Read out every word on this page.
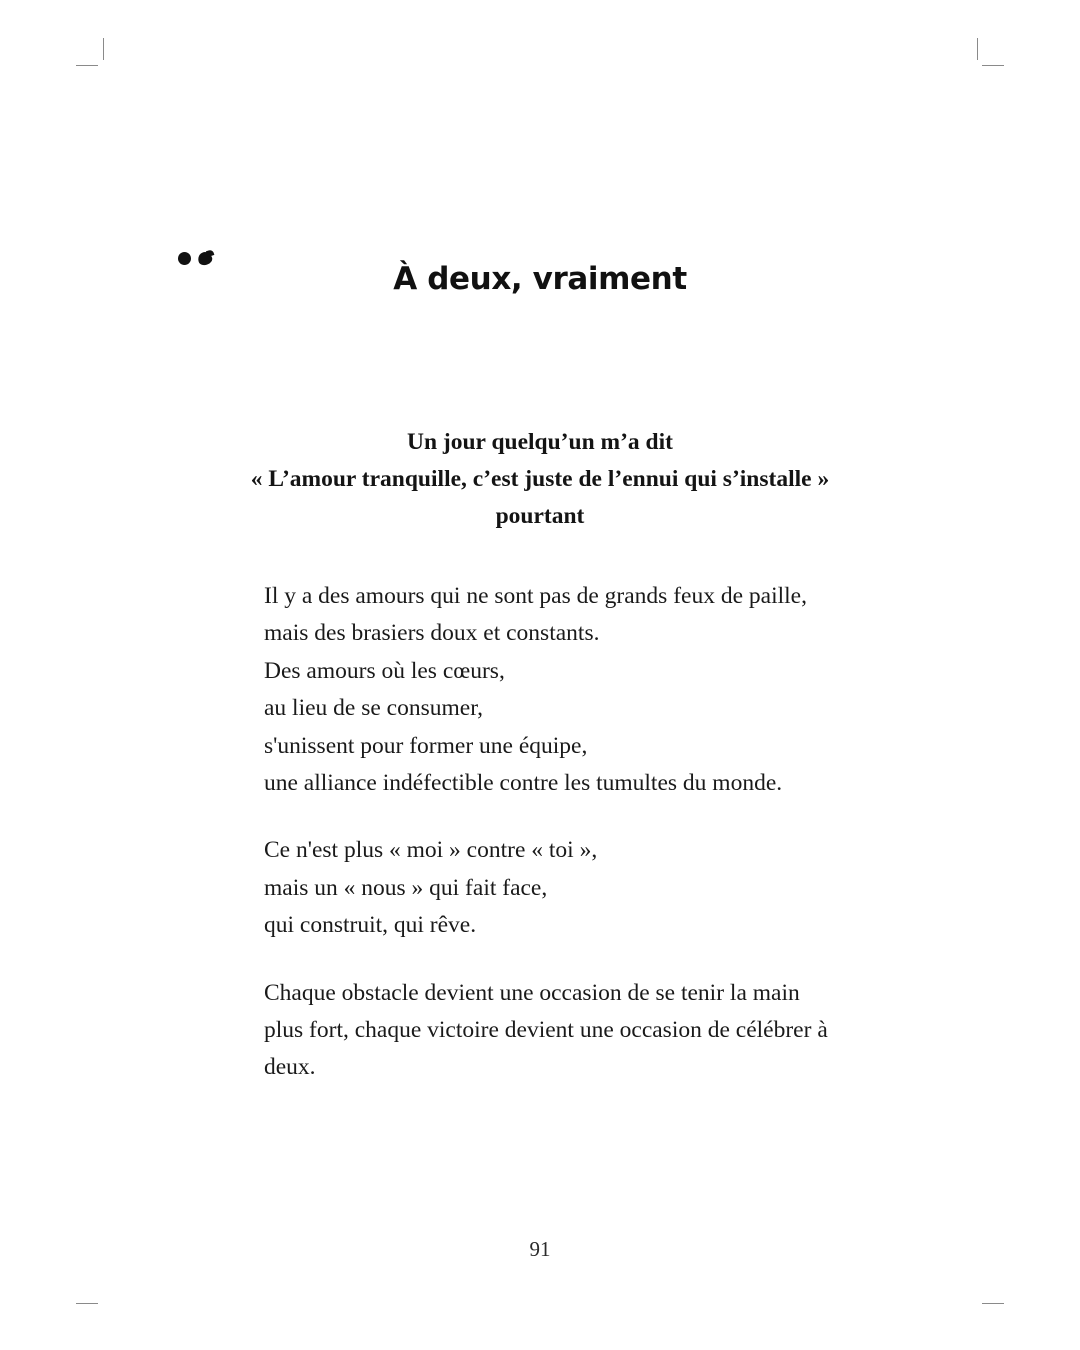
À deux, vraiment
Un jour quelqu’un m’a dit
« L’amour tranquille, c’est juste de l’ennui qui s’installe »
pourtant
Il y a des amours qui ne sont pas de grands feux de paille,
mais des brasiers doux et constants.
Des amours où les cœurs,
au lieu de se consumer,
s'unissent pour former une équipe,
une alliance indéfectible contre les tumultes du monde.
Ce n'est plus « moi » contre « toi »,
mais un « nous » qui fait face,
qui construit, qui rêve.
Chaque obstacle devient une occasion de se tenir la main
plus fort, chaque victoire devient une occasion de célébrer à
deux.
91
